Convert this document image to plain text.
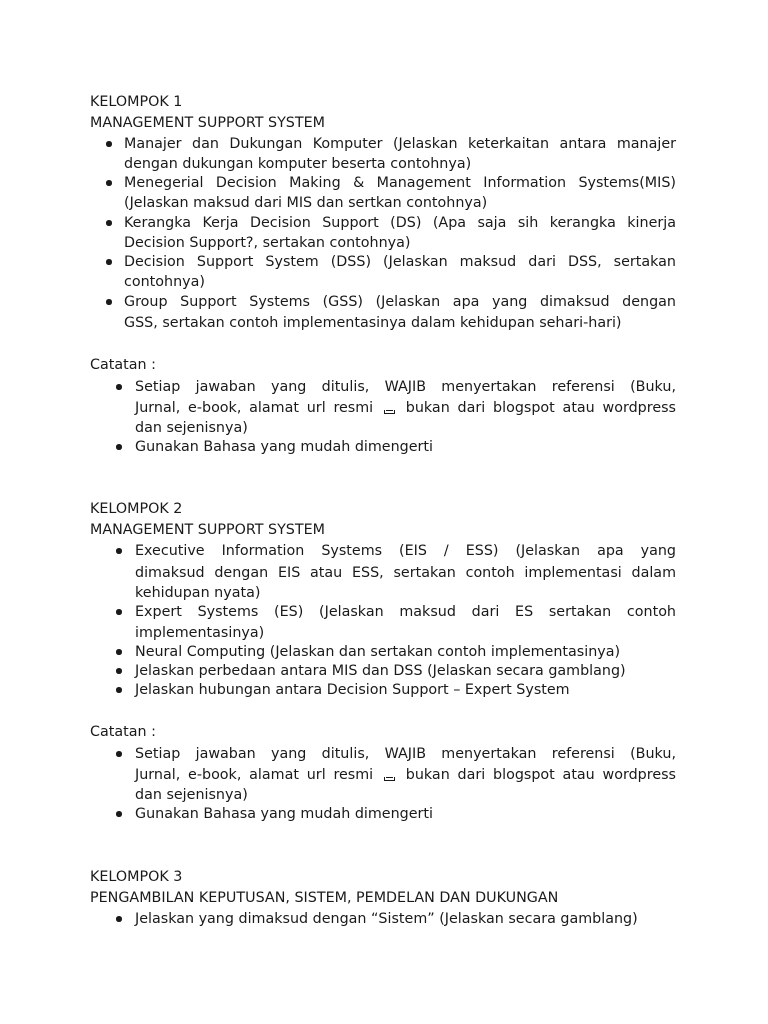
KELOMPOK 1
MANAGEMENT SUPPORT SYSTEM
Manajer dan Dukungan Komputer (Jelaskan keterkaitan antara manajer
dengan dukungan komputer beserta contohnya)
Menegerial Decision Making & Management Information Systems(MIS)
(Jelaskan maksud dari MIS dan sertkan contohnya)
Kerangka Kerja Decision Support (DS) (Apa saja sih kerangka kinerja
Decision Support?, sertakan contohnya)
Decision Support System (DSS) (Jelaskan maksud dari DSS, sertakan
contohnya)
Group Support Systems (GSS) (Jelaskan apa yang dimaksud dengan
GSS, sertakan contoh implementasinya dalam kehidupan sehari-hari)
Catatan :
Setiap jawaban yang ditulis, WAJIB menyertakan referensi (Buku,
Jurnal, e-book, alamat url resmi bukan dari blogspot atau wordpress
dan sejenisnya)
Gunakan Bahasa yang mudah dimengerti
KELOMPOK 2
MANAGEMENT SUPPORT SYSTEM
Executive Information Systems (EIS / ESS) (Jelaskan apa yang
dimaksud dengan EIS atau ESS, sertakan contoh implementasi dalam
kehidupan nyata)
Expert Systems (ES) (Jelaskan maksud dari ES sertakan contoh
implementasinya)
Neural Computing (Jelaskan dan sertakan contoh implementasinya)
Jelaskan perbedaan antara MIS dan DSS (Jelaskan secara gamblang)
Jelaskan hubungan antara Decision Support – Expert System
Catatan :
Setiap jawaban yang ditulis, WAJIB menyertakan referensi (Buku,
Jurnal, e-book, alamat url resmi bukan dari blogspot atau wordpress
dan sejenisnya)
Gunakan Bahasa yang mudah dimengerti
KELOMPOK 3
PENGAMBILAN KEPUTUSAN, SISTEM, PEMDELAN DAN DUKUNGAN
Jelaskan yang dimaksud dengan “Sistem” (Jelaskan secara gamblang)
